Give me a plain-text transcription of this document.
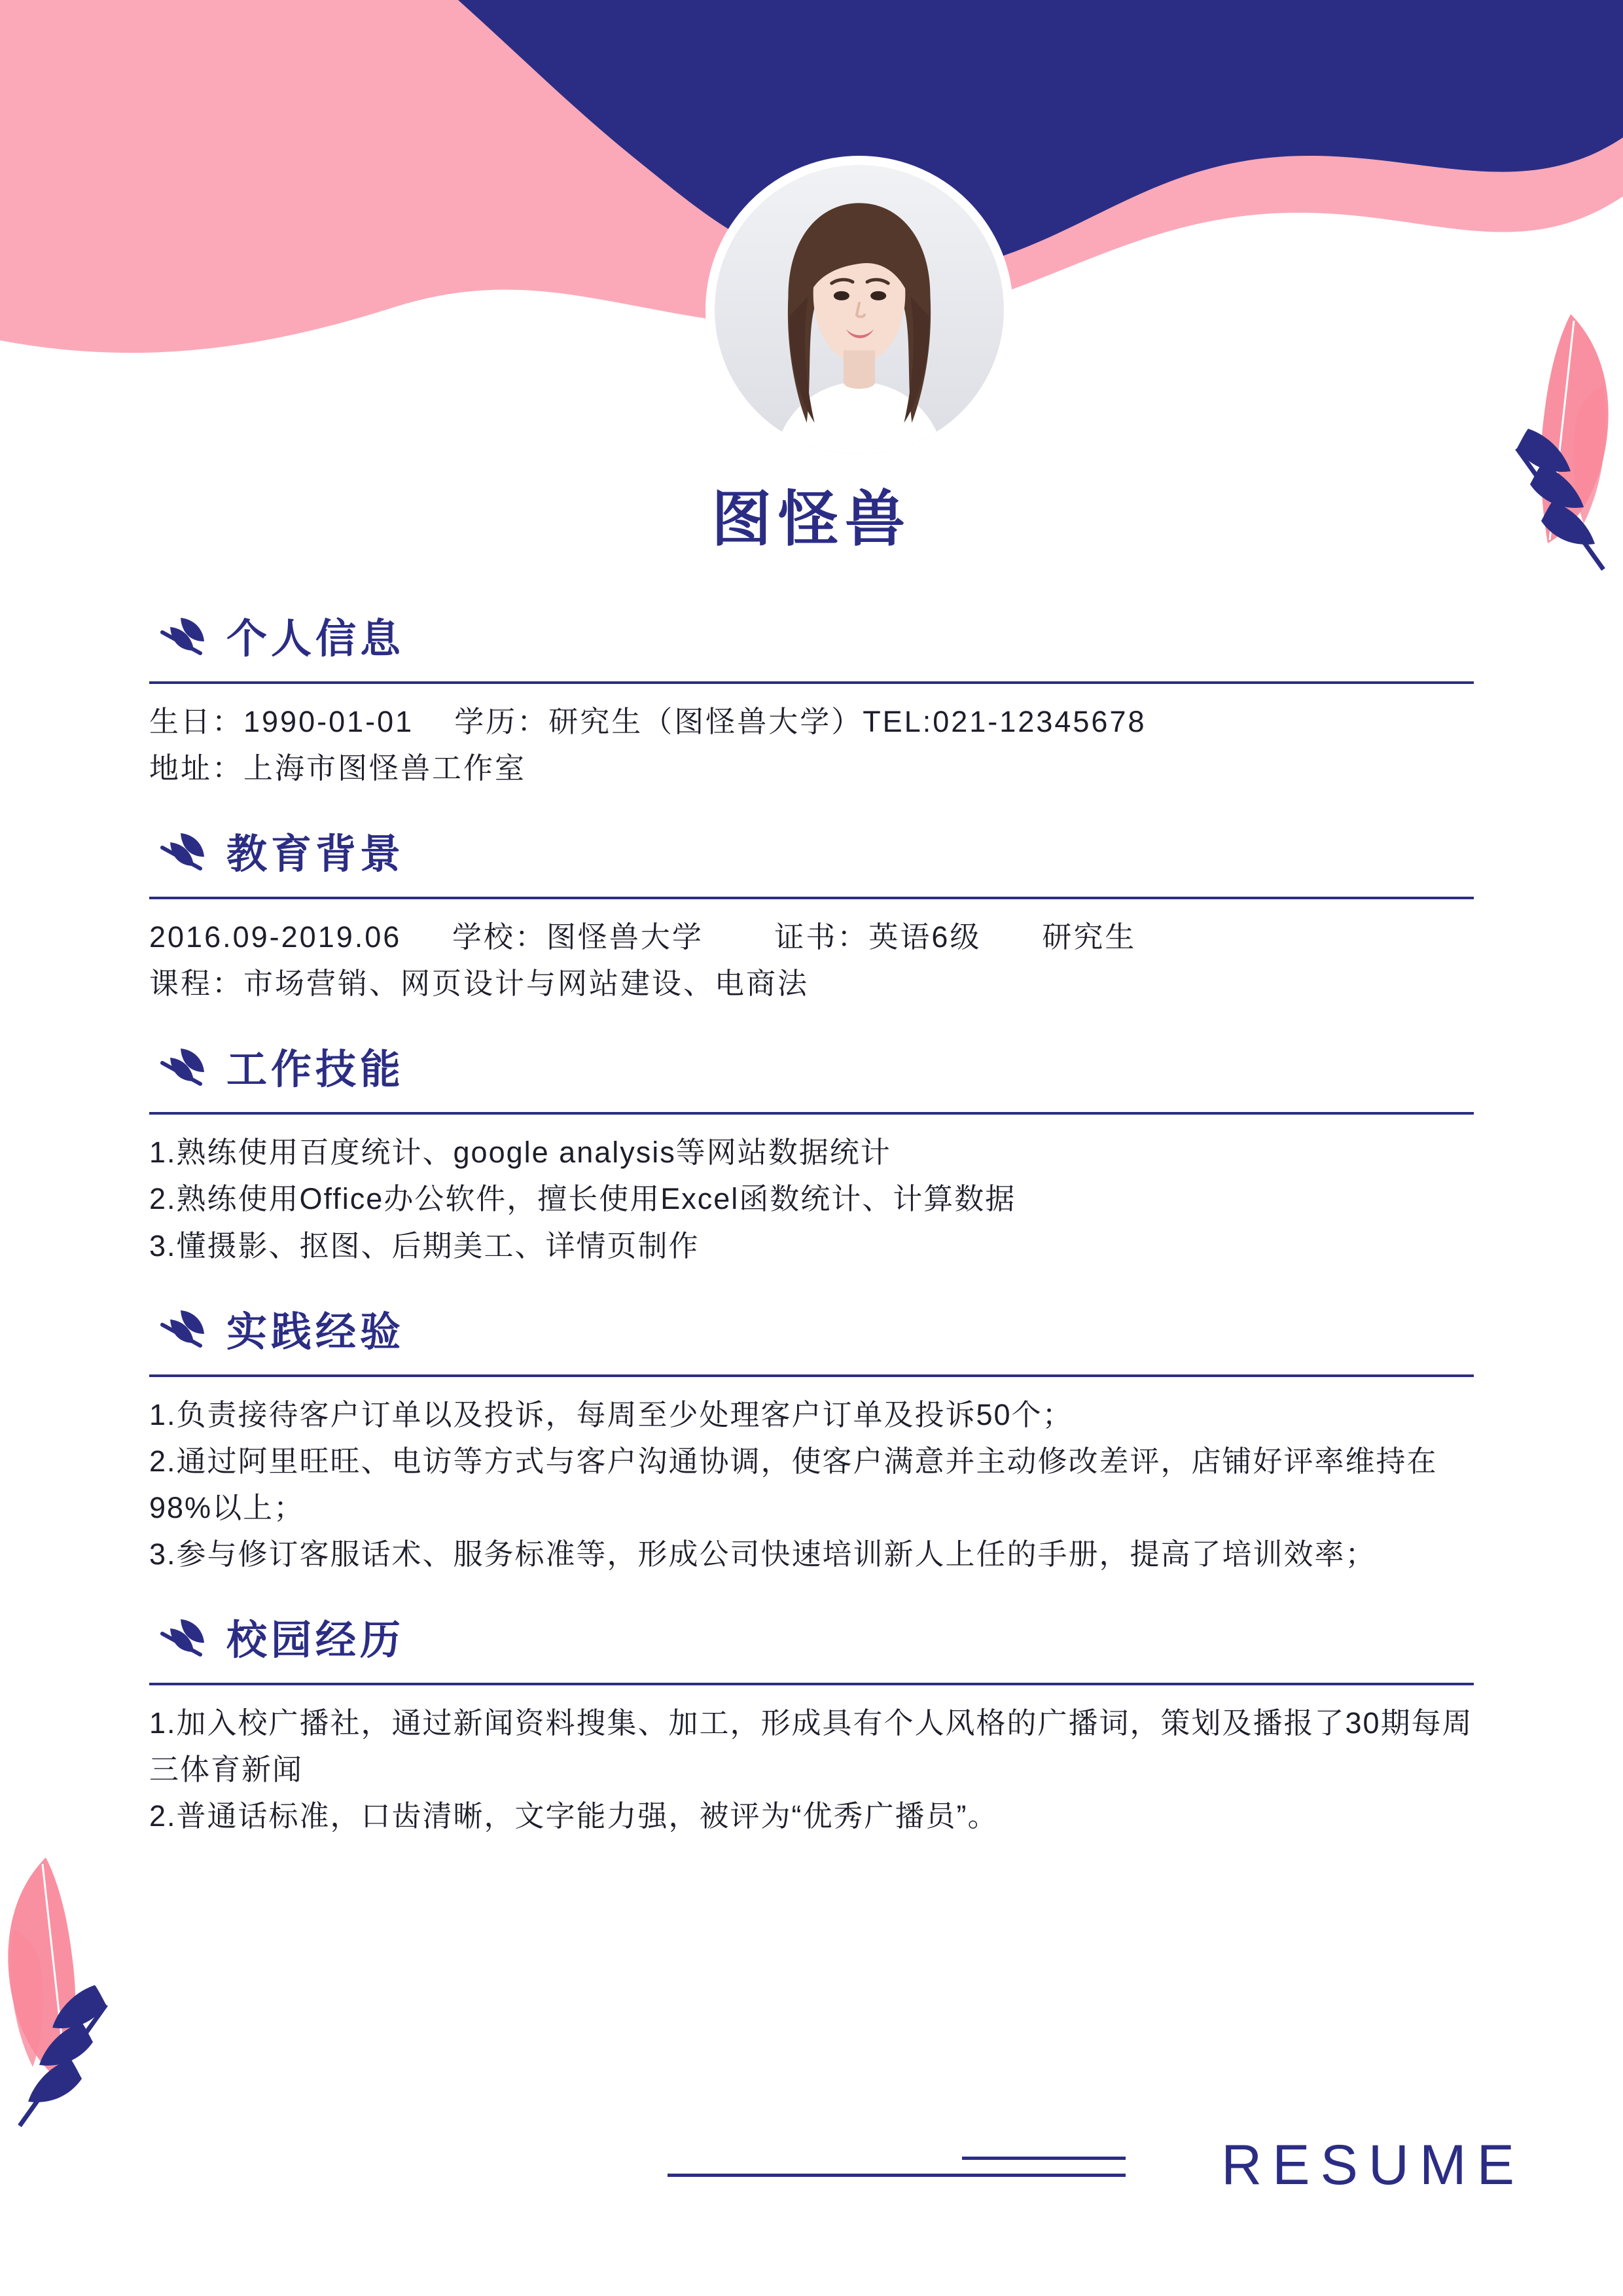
图怪兽
个人信息
生日：1990-01-01    学历：研究生（图怪兽大学）TEL:021-12345678
地址：上海市图怪兽工作室
教育背景
2016.09-2019.06     学校：图怪兽大学       证书：英语6级      研究生
课程：市场营销、网页设计与网站建设、电商法
工作技能
1.熟练使用百度统计、google analysis等网站数据统计
2.熟练使用Office办公软件，擅长使用Excel函数统计、计算数据
3.懂摄影、抠图、后期美工、详情页制作
实践经验
1.负责接待客户订单以及投诉，每周至少处理客户订单及投诉50个；
2.通过阿里旺旺、电访等方式与客户沟通协调，使客户满意并主动修改差评，店铺好评率维持在98%以上；
3.参与修订客服话术、服务标准等，形成公司快速培训新人上任的手册，提高了培训效率；
校园经历
1.加入校广播社，通过新闻资料搜集、加工，形成具有个人风格的广播词，策划及播报了30期每周三体育新闻
2.普通话标准，口齿清晰，文字能力强，被评为“优秀广播员”。
RESUME
